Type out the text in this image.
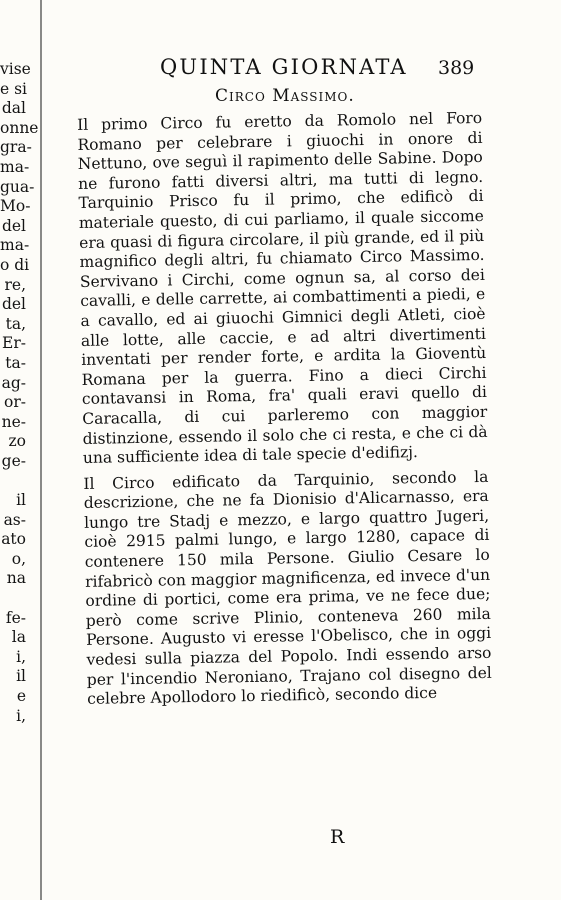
vise
e si
dal
onne
gra-
ma-
gua-
Mo-
del
ma-
o di
re,
del
ta,
Er-
ta-
ag-
or-
ne-
zo
ge-

il
as-
ato
o,
na

fe-
la
i,
il
e
i,
QUINTA GIORNATA 389
Circo Massimo.

Il primo Circo fu eretto da Romolo nel Foro Romano per celebrare i giuochi in onore di Nettuno, ove seguì il rapimento delle Sabine. Dopo ne furono fatti diversi altri, ma tutti di legno. Tarquinio Prisco fu il primo, che edificò di materiale questo, di cui parliamo, il quale siccome era quasi di figura circolare, il più grande, ed il più magnifico degli altri, fu chiamato Circo Massimo. Servivano i Circhi, come ognun sa, al corso dei cavalli, e delle carrette, ai combattimenti a piedi, e a cavallo, ed ai giuochi Gimnici degli Atleti, cioè alle lotte, alle caccie, e ad altri divertimenti inventati per render forte, e ardita la Gioventù Romana per la guerra. Fino a dieci Circhi contavansi in Roma, fra' quali eravi quello di Caracalla, di cui parleremo con maggior distinzione, essendo il solo che ci resta, e che ci dà una sufficiente idea di tale specie d'edifizj.

Il Circo edificato da Tarquinio, secondo la descrizione, che ne fa Dionisio d'Alicarnasso, era lungo tre Stadj e mezzo, e largo quattro Jugeri, cioè 2915 palmi lungo, e largo 1280, capace di contenere 150 mila Persone. Giulio Cesare lo rifabricò con maggior magnificenza, ed invece d'un ordine di portici, come era prima, ve ne fece due; però come scrive Plinio, conteneva 260 mila Persone. Augusto vi eresse l'Obelisco, che in oggi vedesi sulla piazza del Popolo. Indi essendo arso per l'incendio Neroniano, Trajano col disegno del celebre Apollodoro lo riedificò, secondo dice

R
